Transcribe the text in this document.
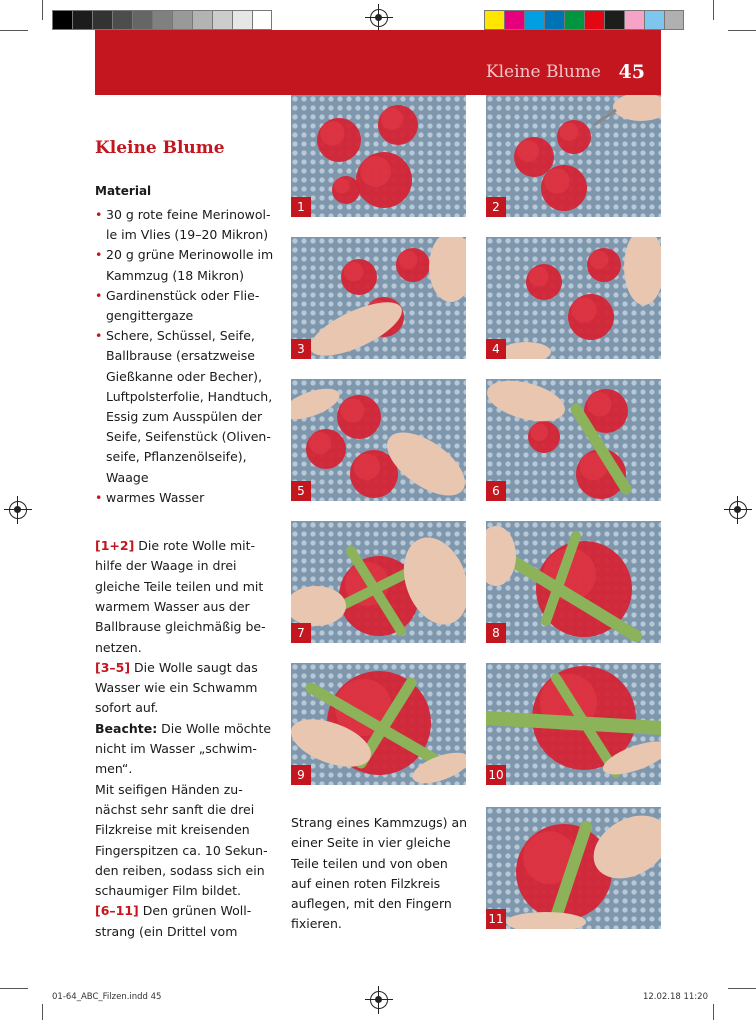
Kleine Blume 45
Kleine Blume
Material
• 30 g rote feine Merinowol-le im Vlies (19–20 Mikron)
• 20 g grüne Merinowolle im Kammzug (18 Mikron)
• Gardinenstück oder Flie-gengittergaze
• Schere, Schüssel, Seife, Ballbrause (ersatzweise Gießkanne oder Becher), Luftpolsterfolie, Handtuch, Essig zum Ausspülen der Seife, Seifenstück (Oliven-seife, Pflanzenölseife), Waage
• warmes Wasser

[1+2] Die rote Wolle mit-hilfe der Waage in drei gleiche Teile teilen und mit warmem Wasser aus der Ballbrause gleichmäßig be-netzen.

[3–5] Die Wolle saugt das Wasser wie ein Schwamm sofort auf.

Beachte: Die Wolle möchte nicht im Wasser „schwim-men“.

Mit seifigen Händen zu-nächst sehr sanft die drei Filzkreise mit kreisenden Fingerspitzen ca. 10 Sekun-den reiben, sodass sich ein schaumiger Film bildet.

[6–11] Den grünen Woll-strang (ein Drittel vom

Strang eines Kammzugs) an einer Seite in vier gleiche Teile teilen und von oben auf einen roten Filzkreis auflegen, mit den Fingern fixieren.

1	2
3	4
5	6
7	8
9	10
11
01-64_ABC_Filzen.indd 45	12.02.18 11:20
